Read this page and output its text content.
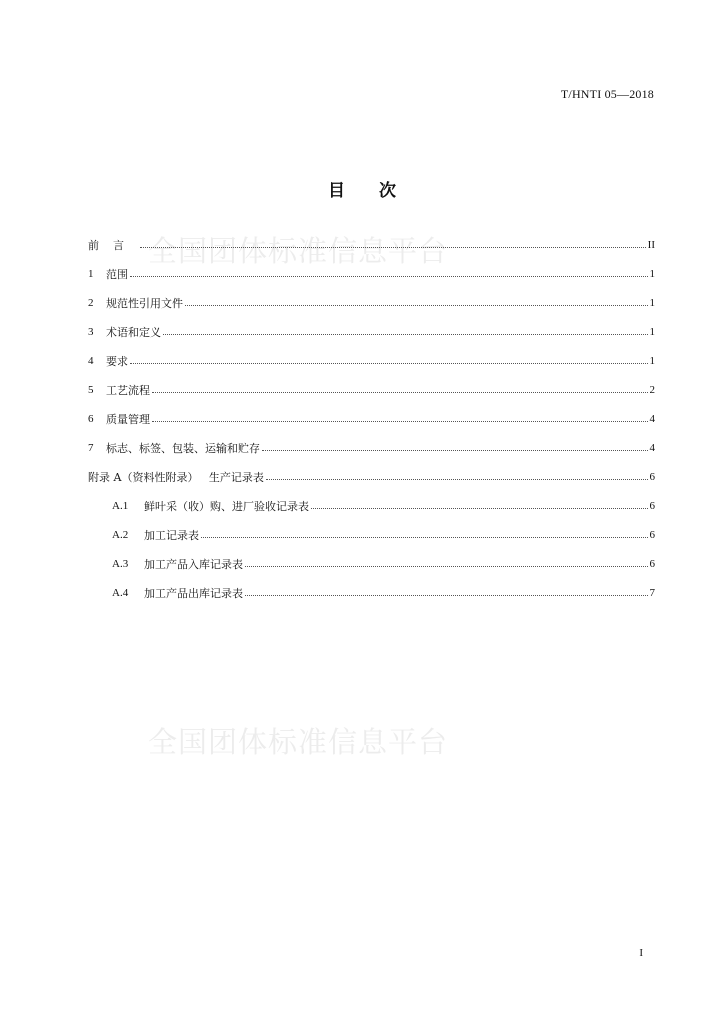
T/HNTI 05—2018
全国团体标准信息平台
全国团体标准信息平台
目次
前言	II
1	范围	1
2	规范性引用文件	1
3	术语和定义	1
4	要求	1
5	工艺流程	2
6	质量管理	4
7	标志、标签、包装、运输和贮存	4
附录 A（资料性附录）   生产记录表	6
A.1	鲜叶采（收）购、进厂验收记录表	6
A.2	加工记录表	6
A.3	加工产品入库记录表	6
A.4	加工产品出库记录表	7
I
